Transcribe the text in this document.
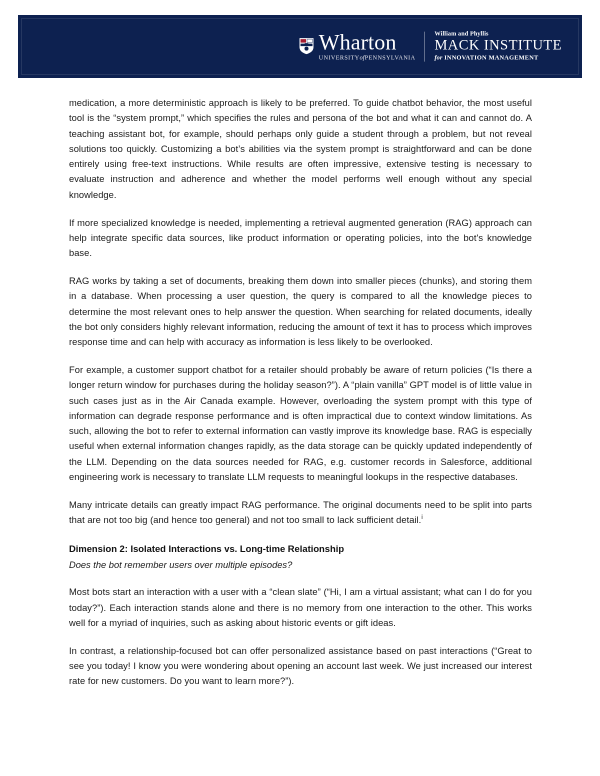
Wharton
UNIVERSITYofPENNSYLVANIA
William and Phyllis
MACK INSTITUTE
for INNOVATION MANAGEMENT

medication, a more deterministic approach is likely to be preferred. To guide chatbot behavior, the most useful tool is the “system prompt,” which specifies the rules and persona of the bot and what it can and cannot do. A teaching assistant bot, for example, should perhaps only guide a student through a problem, but not reveal solutions too quickly. Customizing a bot’s abilities via the system prompt is straightforward and can be done entirely using free-text instructions. While results are often impressive, extensive testing is necessary to evaluate instruction and adherence and whether the model performs well enough without any special knowledge.

If more specialized knowledge is needed, implementing a retrieval augmented generation (RAG) approach can help integrate specific data sources, like product information or operating policies, into the bot's knowledge base.

RAG works by taking a set of documents, breaking them down into smaller pieces (chunks), and storing them in a database. When processing a user question, the query is compared to all the knowledge pieces to determine the most relevant ones to help answer the question. When searching for related documents, ideally the bot only considers highly relevant information, reducing the amount of text it has to process which improves response time and can help with accuracy as information is less likely to be overlooked.

For example, a customer support chatbot for a retailer should probably be aware of return policies (“Is there a longer return window for purchases during the holiday season?”). A “plain vanilla” GPT model is of little value in such cases just as in the Air Canada example. However, overloading the system prompt with this type of information can degrade response performance and is often impractical due to context window limitations. As such, allowing the bot to refer to external information can vastly improve its knowledge base. RAG is especially useful when external information changes rapidly, as the data storage can be quickly updated independently of the LLM. Depending on the data sources needed for RAG, e.g. customer records in Salesforce, additional engineering work is necessary to translate LLM requests to meaningful lookups in the respective databases.

Many intricate details can greatly impact RAG performance. The original documents need to be split into parts that are not too big (and hence too general) and not too small to lack sufficient detail.$^i$

Dimension 2: Isolated Interactions vs. Long-time Relationship

Does the bot remember users over multiple episodes?

Most bots start an interaction with a user with a “clean slate” (“Hi, I am a virtual assistant; what can I do for you today?”). Each interaction stands alone and there is no memory from one interaction to the other. This works well for a myriad of inquiries, such as asking about historic events or gift ideas.

In contrast, a relationship-focused bot can offer personalized assistance based on past interactions (“Great to see you today! I know you were wondering about opening an account last week. We just increased our interest rate for new customers. Do you want to learn more?”).
